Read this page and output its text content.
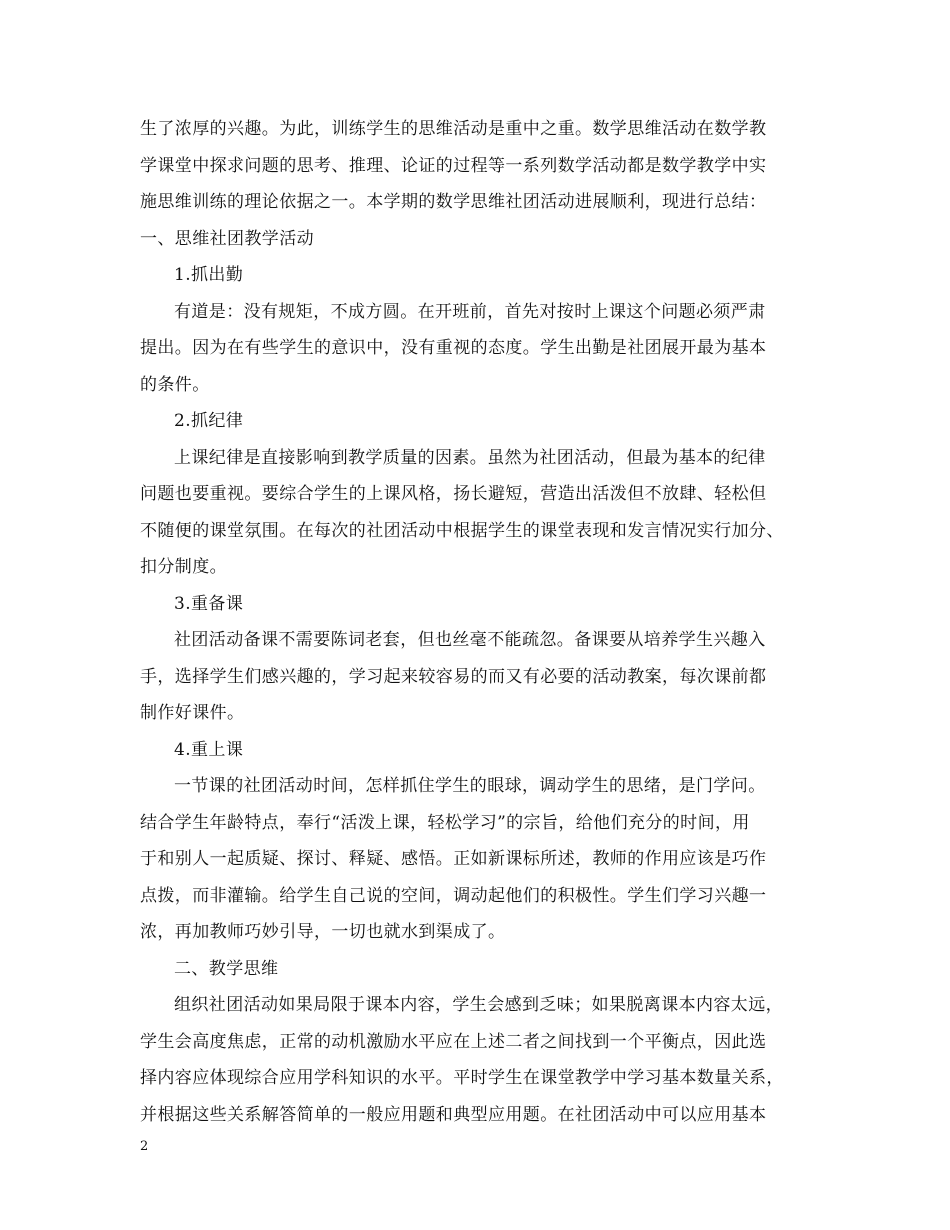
生了浓厚的兴趣。为此，训练学生的思维活动是重中之重。数学思维活动在数学教
学课堂中探求问题的思考、推理、论证的过程等一系列数学活动都是数学教学中实
施思维训练的理论依据之一。本学期的数学思维社团活动进展顺利，现进行总结：
一、思维社团教学活动
1.抓出勤
有道是：没有规矩，不成方圆。在开班前，首先对按时上课这个问题必须严肃
提出。因为在有些学生的意识中，没有重视的态度。学生出勤是社团展开最为基本
的条件。
2.抓纪律
上课纪律是直接影响到教学质量的因素。虽然为社团活动，但最为基本的纪律
问题也要重视。要综合学生的上课风格，扬长避短，营造出活泼但不放肆、轻松但
不随便的课堂氛围。在每次的社团活动中根据学生的课堂表现和发言情况实行加分、
扣分制度。
3.重备课
社团活动备课不需要陈词老套，但也丝毫不能疏忽。备课要从培养学生兴趣入
手，选择学生们感兴趣的，学习起来较容易的而又有必要的活动教案，每次课前都
制作好课件。
4.重上课
一节课的社团活动时间，怎样抓住学生的眼球，调动学生的思绪，是门学问。
结合学生年龄特点，奉行“活泼上课，轻松学习”的宗旨，给他们充分的时间，用
于和别人一起质疑、探讨、释疑、感悟。正如新课标所述，教师的作用应该是巧作
点拨，而非灌输。给学生自己说的空间，调动起他们的积极性。学生们学习兴趣一
浓，再加教师巧妙引导，一切也就水到渠成了。
二、教学思维
组织社团活动如果局限于课本内容，学生会感到乏味；如果脱离课本内容太远，
学生会高度焦虑，正常的动机激励水平应在上述二者之间找到一个平衡点，因此选
择内容应体现综合应用学科知识的水平。平时学生在课堂教学中学习基本数量关系，
并根据这些关系解答简单的一般应用题和典型应用题。在社团活动中可以应用基本
2
